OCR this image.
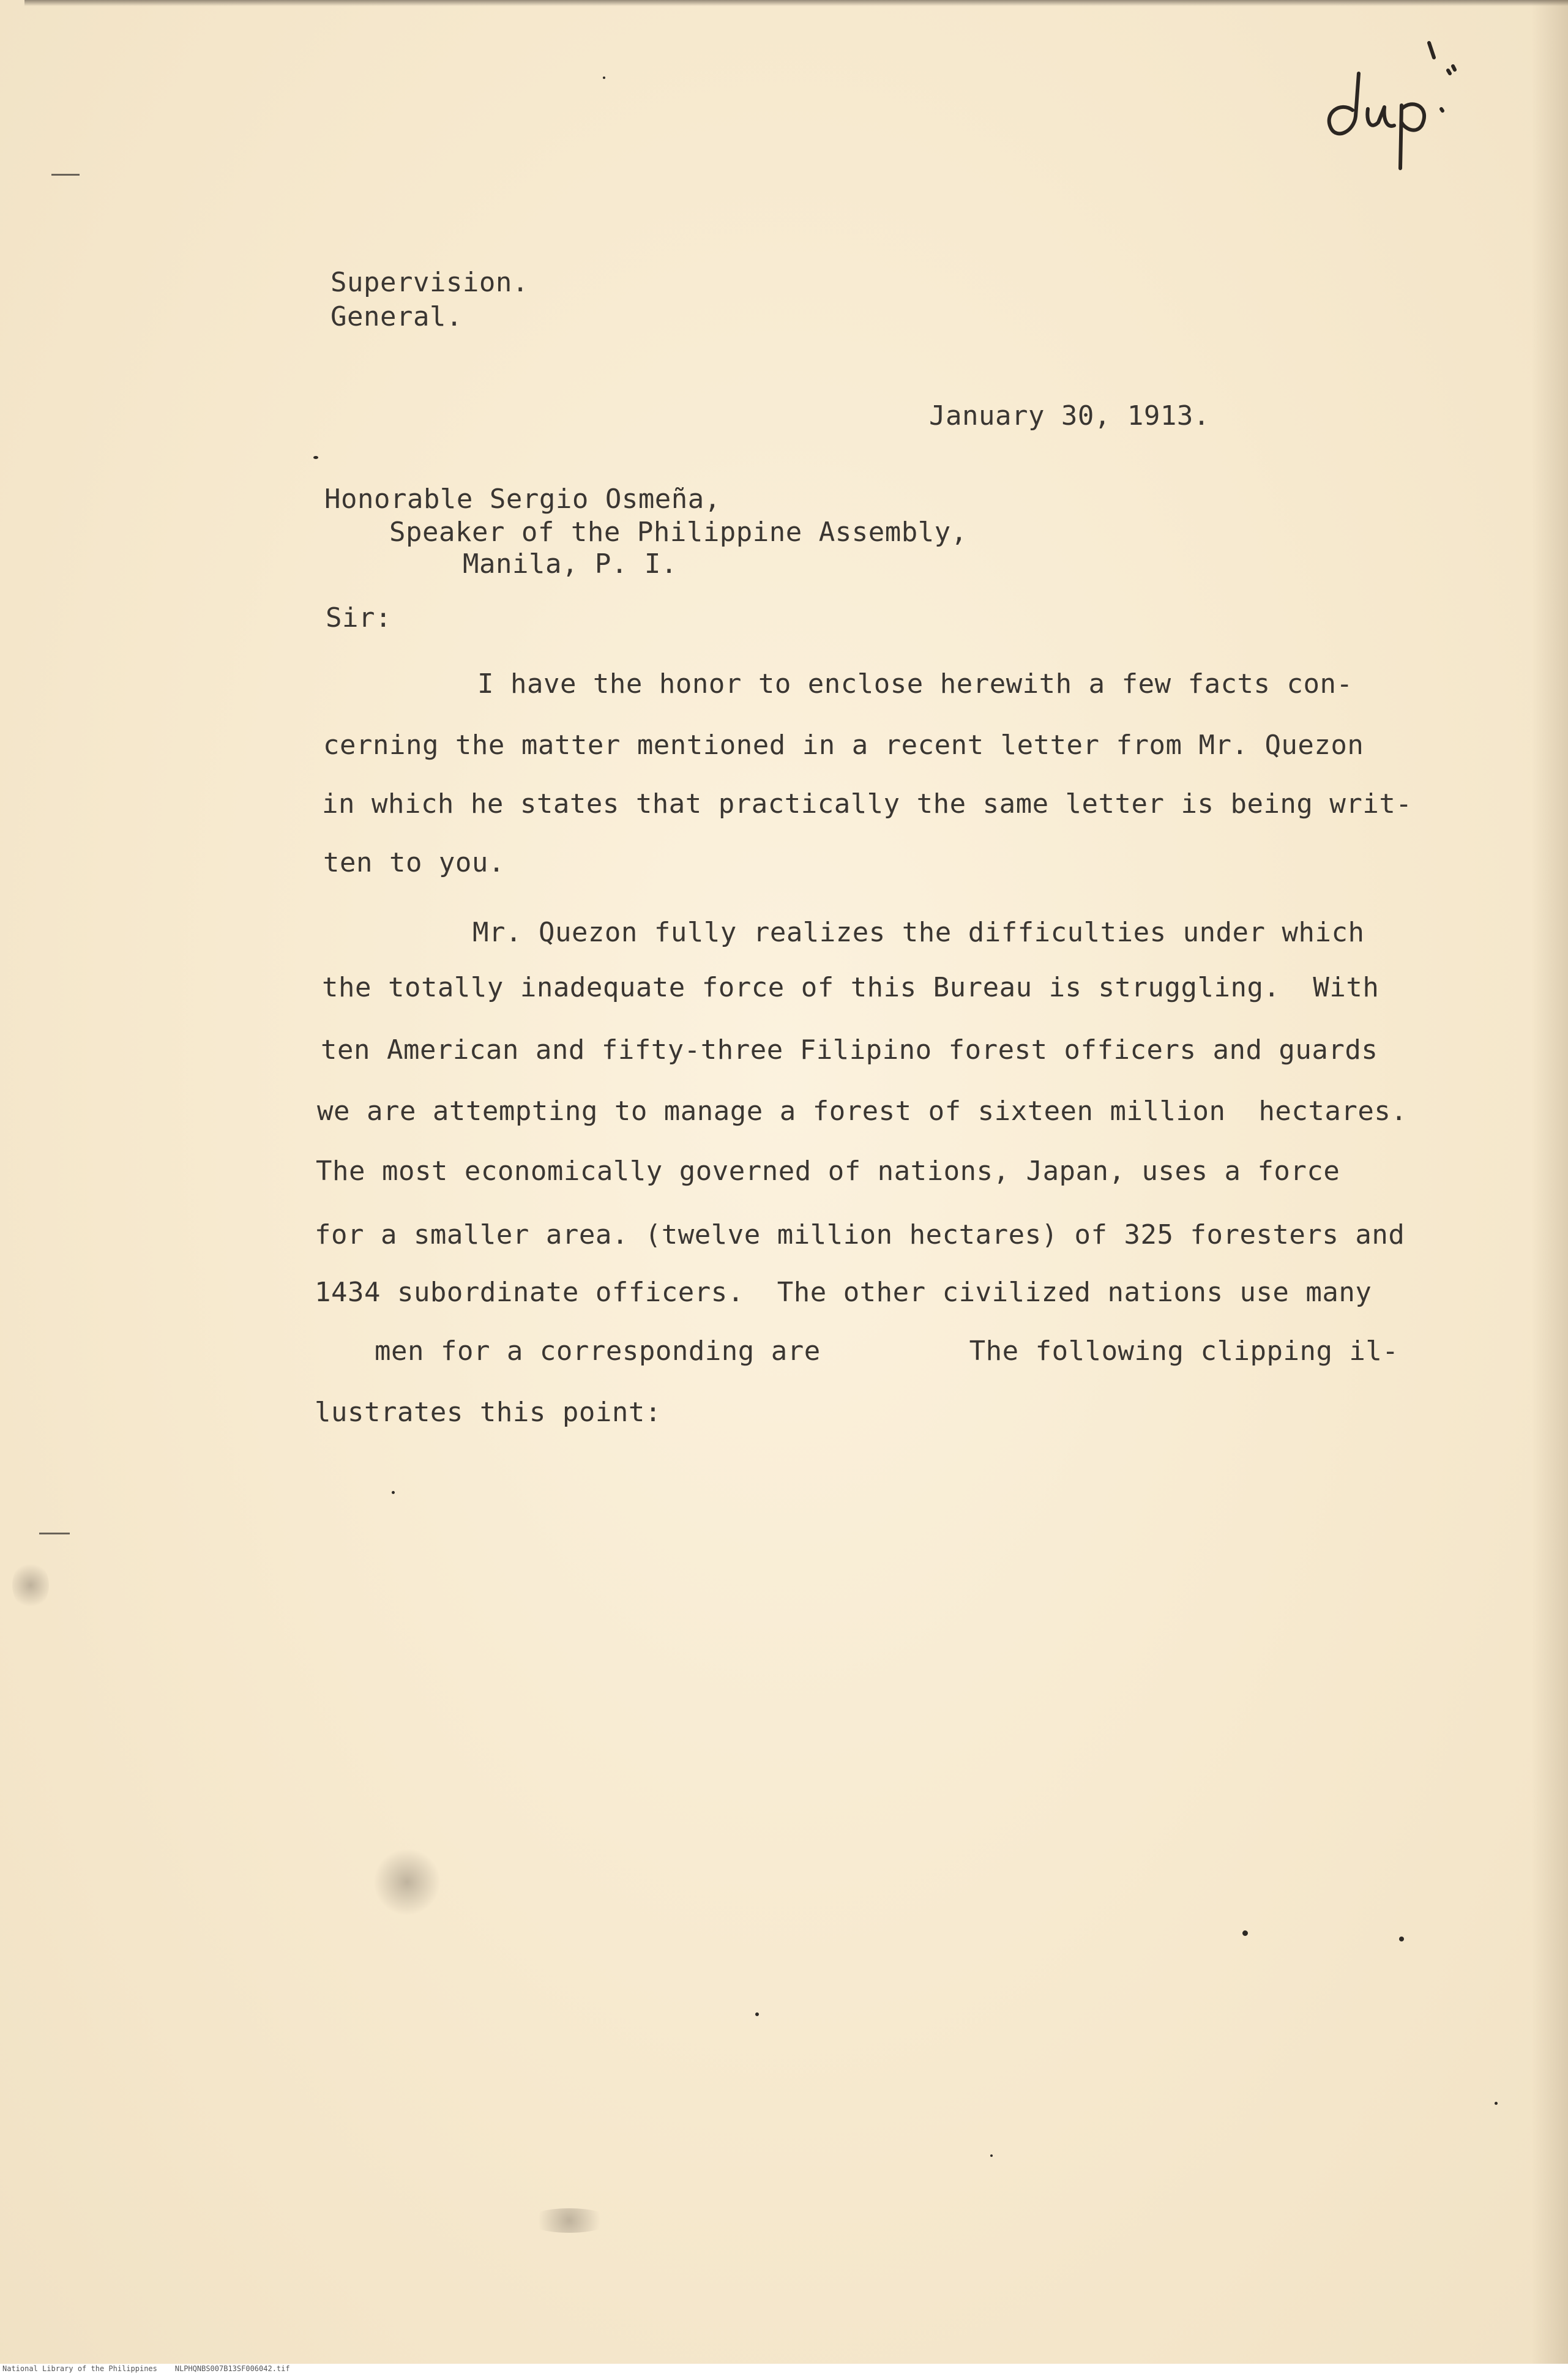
Supervision.
General.
January 30, 1913.
Honorable Sergio Osmeña,
Speaker of the Philippine Assembly,
Manila, P. I.
Sir:
I have the honor to enclose herewith a few facts con-
cerning the matter mentioned in a recent letter from Mr. Quezon
in which he states that practically the same letter is being writ-
ten to you.
Mr. Quezon fully realizes the difficulties under which
the totally inadequate force of this Bureau is struggling.  With
ten American and fifty-three Filipino forest officers and guards
we are attempting to manage a forest of sixteen million  hectares.
The most economically governed of nations, Japan, uses a force
for a smaller area. (twelve million hectares) of 325 foresters and
1434 subordinate officers.  The other civilized nations use many
men for a corresponding are         The following clipping il-
lustrates this point:
National Library of the Philippines    NLPHQNBS007B13SF006042.tif
